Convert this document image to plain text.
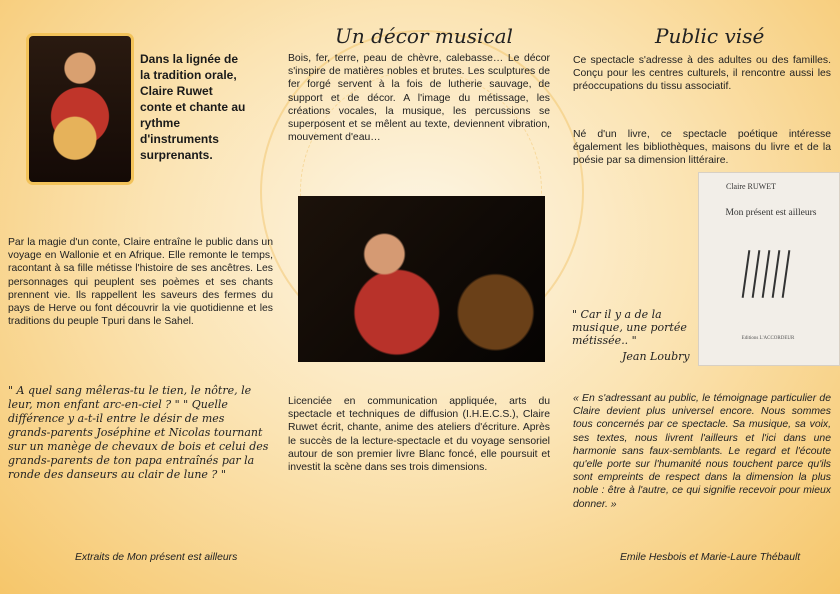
Dans la lignée de la tradition orale, Claire Ruwet conte et chante au rythme d'instruments surprenants.
Par la magie d'un conte, Claire entraîne le public dans un voyage en Wallonie et en Afrique. Elle remonte le temps, racontant à sa fille métisse l'histoire de ses ancêtres. Les personnages qui peuplent ses poèmes et ses chants prennent vie. Ils rappellent les saveurs des fermes du pays de Herve ou font découvrir la vie quotidienne et les traditions du peuple Tpuri dans le Sahel.
" A quel sang mêleras-tu le tien, le nôtre, le leur, mon enfant arc-en-ciel ? " " Quelle différence y a-t-il entre le désir de mes grands-parents Joséphine et Nicolas tournant sur un manège de chevaux de bois et celui des grands-parents de ton papa entraînés par la ronde des danseurs au clair de lune ? "
Extraits de Mon présent est ailleurs
Un décor musical
Bois, fer, terre, peau de chèvre, calebasse… Le décor s'inspire de matières nobles et brutes. Les sculptures de fer forgé servent à la fois de lutherie sauvage, de support et de décor. A l'image du métissage, les créations vocales, la musique, les percussions se superposent et se mêlent au texte, deviennent vibration, mouvement d'eau…
Licenciée en communication appliquée, arts du spectacle et techniques de diffusion (I.H.E.C.S.), Claire Ruwet écrit, chante, anime des ateliers d'écriture. Après le succès de la lecture-spectacle et du voyage sensoriel autour de son premier livre Blanc foncé, elle poursuit et investit la scène dans ses trois dimensions.
Public visé
Ce spectacle s'adresse à des adultes ou des familles. Conçu pour les centres culturels, il rencontre aussi les préoccupations du tissu associatif.
Né d'un livre, ce spectacle poétique intéresse également les bibliothèques, maisons du livre et de la poésie par sa dimension littéraire.
Claire RUWET
Mon présent est ailleurs
Editions L'ACCORDEUR
" Car il y a de la musique, une portée métissée.. "
Jean Loubry
« En s'adressant au public, le témoignage particulier de Claire devient plus universel encore. Nous sommes tous concernés par ce spectacle. Sa musique, sa voix, ses textes, nous livrent l'ailleurs et l'ici dans une harmonie sans faux-semblants. Le regard et l'écoute qu'elle porte sur l'humanité nous touchent parce qu'ils sont empreints de respect dans la dimension la plus noble : être à l'autre, ce qui signifie recevoir pour mieux donner. »
Emile Hesbois et Marie-Laure Thébault
